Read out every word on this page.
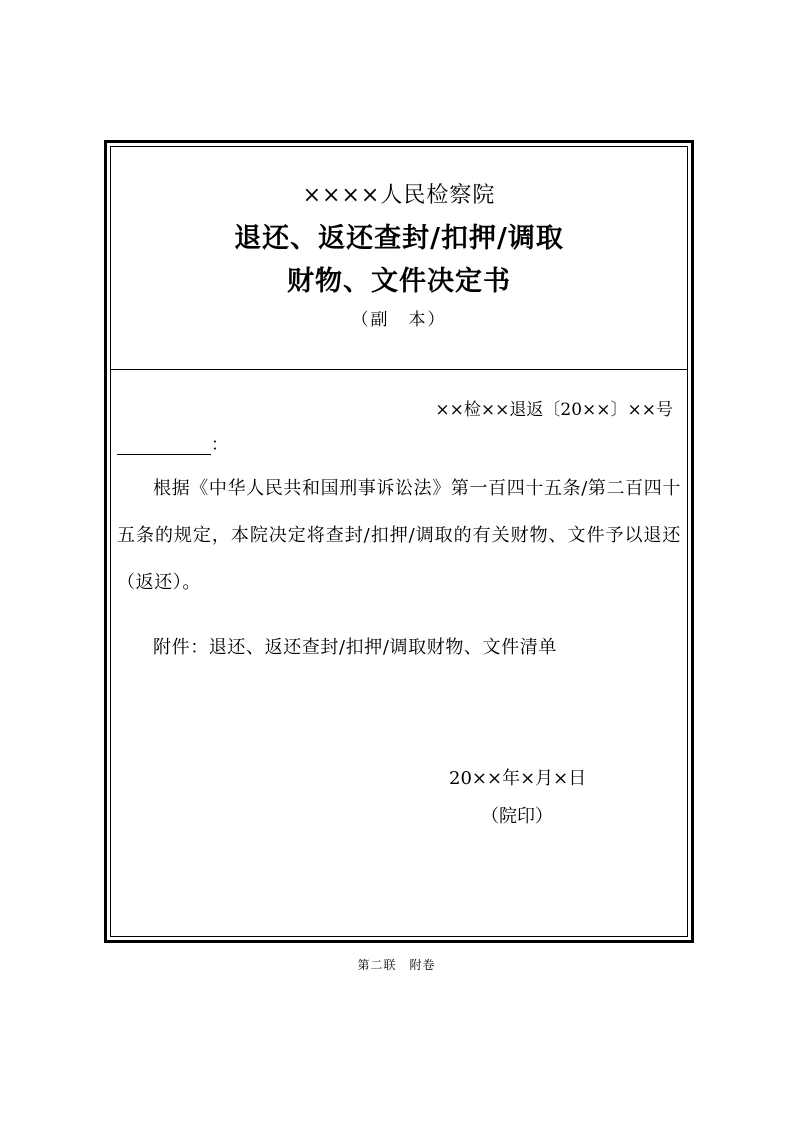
××××人民检察院
退还、返还查封/扣押/调取
财物、文件决定书
（副　本）
××检××退返〔20××〕××号
：
根据《中华人民共和国刑事诉讼法》第一百四十五条/第二百四十五条的规定，本院决定将查封/扣押/调取的有关财物、文件予以退还（返还）。
附件：退还、返还查封/扣押/调取财物、文件清单
20××年×月×日
（院印）
第二联　附卷
